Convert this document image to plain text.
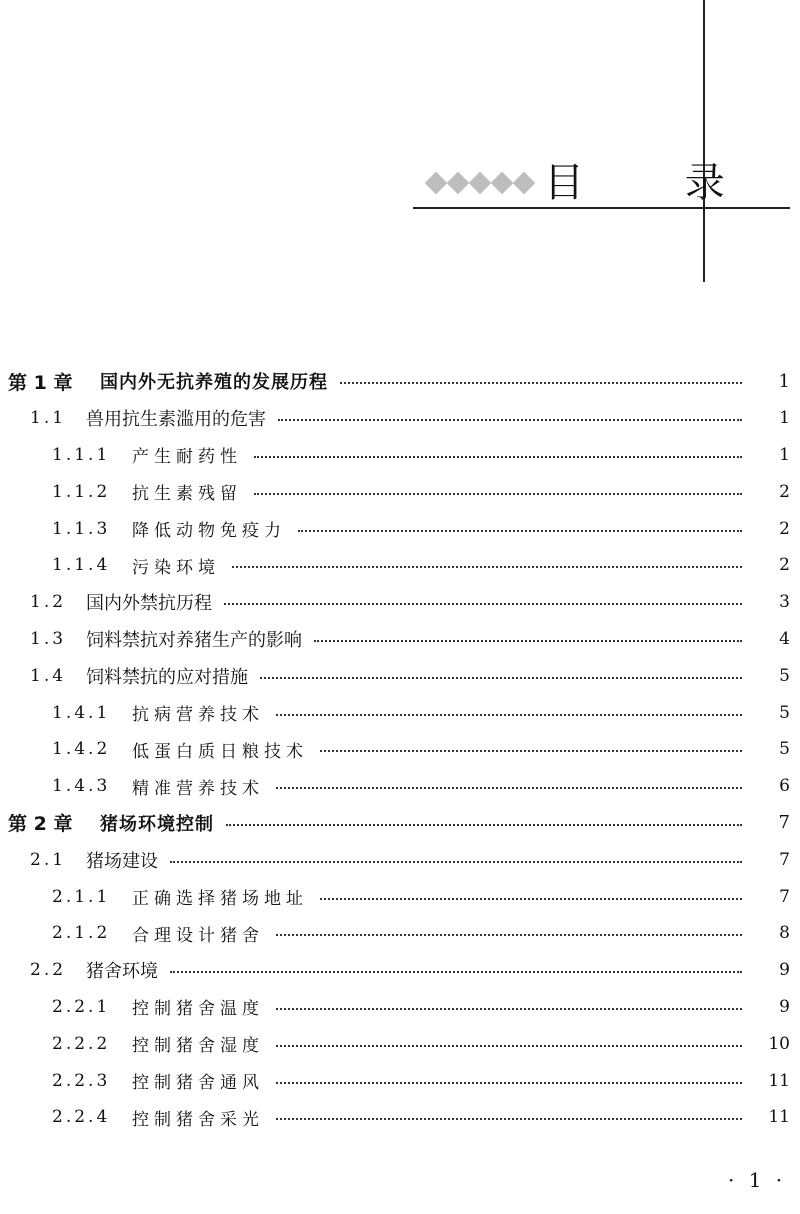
目 录
第 1 章	国内外无抗养殖的发展历程	1
1.1	兽用抗生素滥用的危害	1
1.1.1	产生耐药性	1
1.1.2	抗生素残留	2
1.1.3	降低动物免疫力	2
1.1.4	污染环境	2
1.2	国内外禁抗历程	3
1.3	饲料禁抗对养猪生产的影响	4
1.4	饲料禁抗的应对措施	5
1.4.1	抗病营养技术	5
1.4.2	低蛋白质日粮技术	5
1.4.3	精准营养技术	6
第 2 章	猪场环境控制	7
2.1	猪场建设	7
2.1.1	正确选择猪场地址	7
2.1.2	合理设计猪舍	8
2.2	猪舍环境	9
2.2.1	控制猪舍温度	9
2.2.2	控制猪舍湿度	10
2.2.3	控制猪舍通风	11
2.2.4	控制猪舍采光	11
· 1 ·
